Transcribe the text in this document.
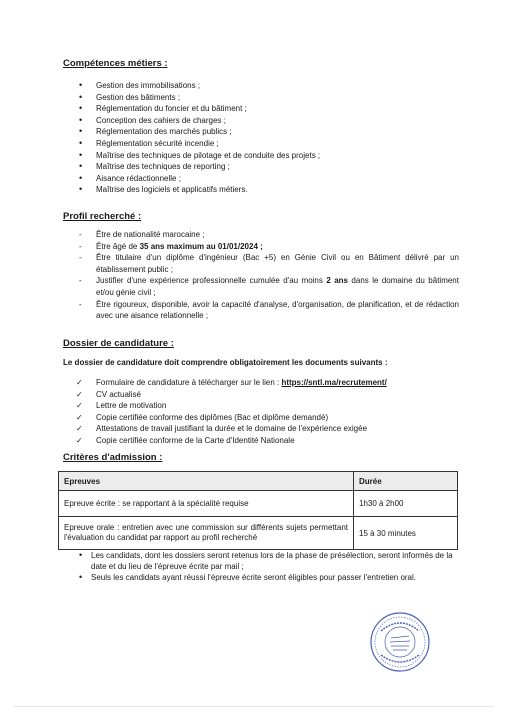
Compétences métiers :
• Gestion des immobilisations ;
• Gestion des bâtiments ;
• Réglementation du foncier et du bâtiment ;
• Conception des cahiers de charges ;
• Réglementation des marchés publics ;
• Réglementation sécurité incendie ;
• Maîtrise des techniques de pilotage et de conduite des projets ;
• Maîtrise des techniques de reporting ;
• Aisance rédactionnelle ;
• Maîtrise des logiciels et applicatifs métiers.
Profil recherché :
- Être de nationalité marocaine ;
- Être âgé de 35 ans maximum au 01/01/2024 ;
- Être titulaire d'un diplôme d'ingénieur (Bac +5) en Génie Civil ou en Bâtiment délivré par un établissement public ;
- Justifier d'une expérience professionnelle cumulée d'au moins 2 ans dans le domaine du bâtiment et/ou génie civil ;
- Être rigoureux, disponible, avoir la capacité d'analyse, d'organisation, de planification, et de rédaction avec une aisance relationnelle ;
Dossier de candidature :

Le dossier de candidature doit comprendre obligatoirement les documents suivants :

✓ Formulaire de candidature à télécharger sur le lien : https://sntl.ma/recrutement/
✓ CV actualisé
✓ Lettre de motivation
✓ Copie certifiée conforme des diplômes (Bac et diplôme demandé)
✓ Attestations de travail justifiant la durée et le domaine de l'expérience exigée
✓ Copie certifiée conforme de la Carte d'Identité Nationale
Critères d'admission :
Epreuves	Durée
Epreuve écrite : se rapportant à la spécialité requise	1h30 à 2h00
Epreuve orale : entretien avec une commission sur différents sujets permettant l'évaluation du candidat par rapport au profil recherché	15 à 30 minutes
• Les candidats, dont les dossiers seront retenus lors de la phase de présélection, seront informés de la date et du lieu de l'épreuve écrite par mail ;
• Seuls les candidats ayant réussi l'épreuve écrite seront éligibles pour passer l'entretien oral.
